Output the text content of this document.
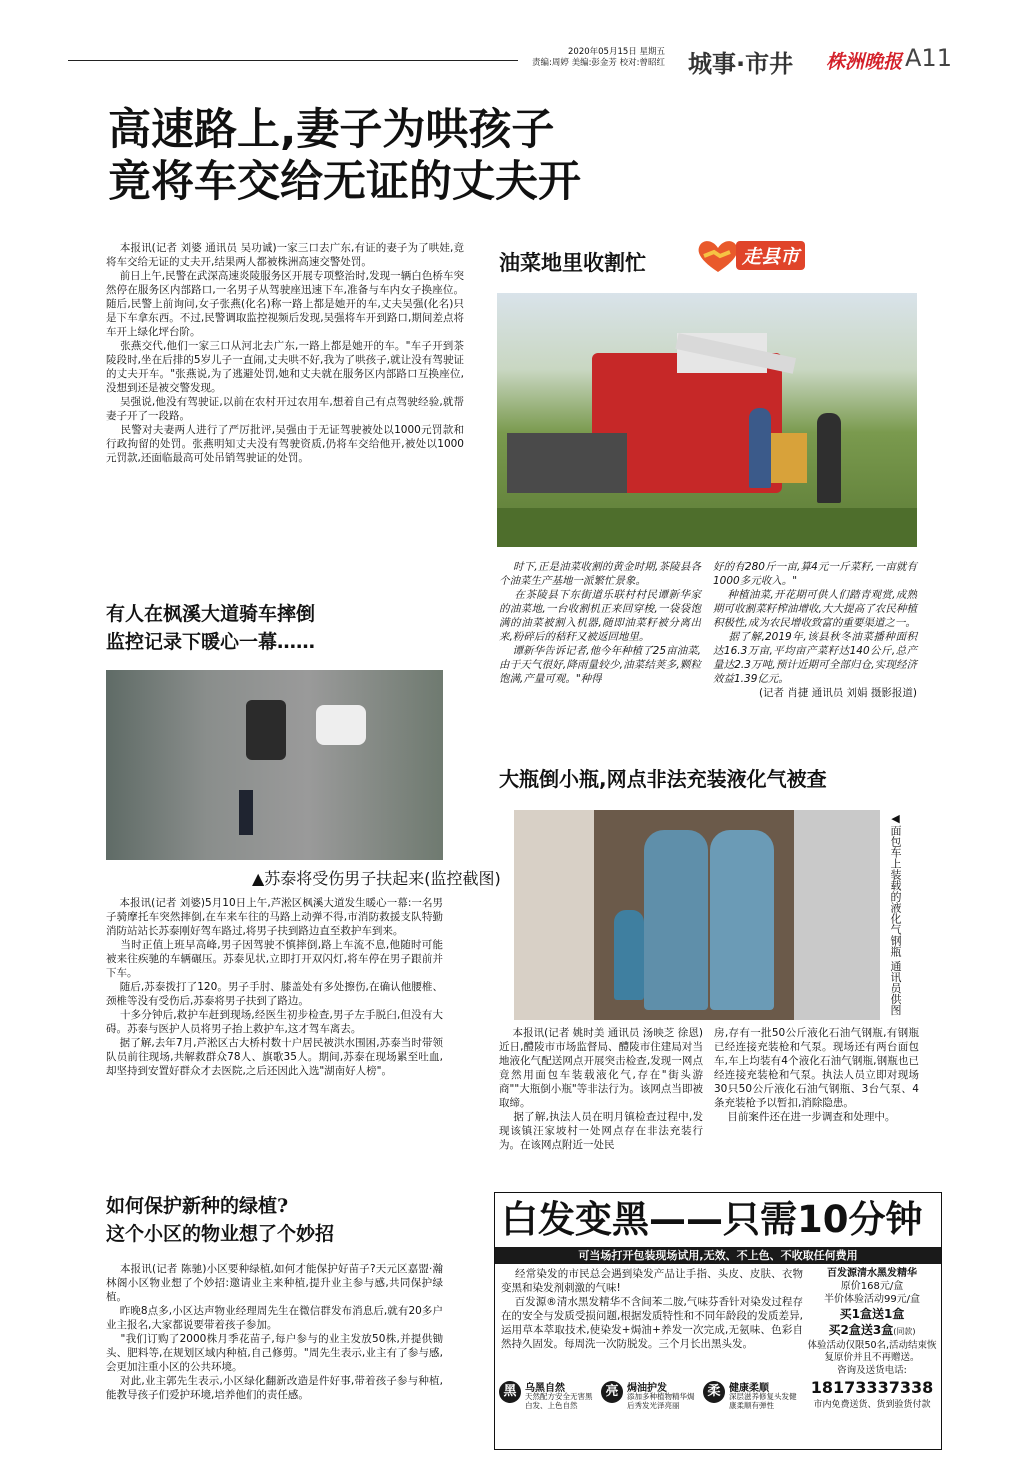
2020年05月15日 星期五
责编:周婷 美编:彭金芳 校对:曾昭红 城事·市井 株洲晚报 A11
高速路上,妻子为哄孩子
竟将车交给无证的丈夫开

本报讯(记者 刘婆 通讯员 吴功诚)一家三口去广东,有证的妻子为了哄娃,竟将车交给无证的丈夫开,结果两人都被株洲高速交警处罚。

前日上午,民警在武深高速炎陵服务区开展专项整治时,发现一辆白色桥车突然停在服务区内部路口,一名男子从驾驶座迅速下车,准备与车内女子换座位。随后,民警上前询问,女子张燕(化名)称一路上都是她开的车,丈夫吴强(化名)只是下车拿东西。不过,民警调取监控视频后发现,吴强将车开到路口,期间差点将车开上绿化坪台阶。

张燕交代,他们一家三口从河北去广东,一路上都是她开的车。"车子开到茶陵段时,坐在后排的5岁儿子一直闹,丈夫哄不好,我为了哄孩子,就让没有驾驶证的丈夫开车。"张燕说,为了逃避处罚,她和丈夫就在服务区内部路口互换座位,没想到还是被交警发现。

吴强说,他没有驾驶证,以前在农村开过农用车,想着自己有点驾驶经验,就帮妻子开了一段路。

民警对夫妻两人进行了严厉批评,吴强由于无证驾驶被处以1000元罚款和行政拘留的处罚。张燕明知丈夫没有驾驶资质,仍将车交给他开,被处以1000元罚款,还面临最高可处吊销驾驶证的处罚。

油菜地里收割忙	走县市

时下,正是油菜收割的黄金时期,茶陵县各个油菜生产基地一派繁忙景象。
在茶陵县下东街道乐联村村民谭新华家的油菜地,一台收割机正来回穿梭,一袋袋饱满的油菜被割入机器,随即油菜籽被分离出来,粉碎后的秸秆又被返回地里。
谭新华告诉记者,他今年种植了25亩油菜,由于天气很好,降雨量较少,油菜结荚多,颗粒饱满,产量可观。"种得

好的有280斤一亩,算4元一斤菜籽,一亩就有1000多元收入。"
种植油菜,开花期可供人们踏青观赏,成熟期可收割菜籽榨油增收,大大提高了农民种植积极性,成为农民增收致富的重要渠道之一。
据了解,2019年,该县秋冬油菜播种面积达16.3万亩,平均亩产菜籽达140公斤,总产量达2.3万吨,预计近期可全部归仓,实现经济效益1.39亿元。

(记者 肖捷 通讯员 刘娟 摄影报道)

有人在枫溪大道骑车摔倒
监控记录下暖心一幕……
▲苏泰将受伤男子扶起来(监控截图)

本报讯(记者 刘婆)5月10日上午,芦淞区枫溪大道发生暖心一幕:一名男子骑摩托车突然摔倒,在车来车往的马路上动弹不得,市消防救援支队特勤消防站站长苏泰刚好驾车路过,将男子扶到路边直至救护车到来。

当时正值上班早高峰,男子因驾驶不慎摔倒,路上车流不息,他随时可能被来往疾驰的车辆碾压。苏泰见状,立即打开双闪灯,将车停在男子跟前并下车。

随后,苏泰拨打了120。男子手肘、膝盖处有多处擦伤,在确认他腰椎、颈椎等没有受伤后,苏泰将男子扶到了路边。

十多分钟后,救护车赶到现场,经医生初步检查,男子左手脱臼,但没有大碍。苏泰与医护人员将男子抬上救护车,这才驾车离去。

据了解,去年7月,芦淞区古大桥村数十户居民被洪水围困,苏泰当时带领队员前往现场,共解救群众78人、旗歌35人。期间,苏泰在现场累至吐血,却坚持到安置好群众才去医院,之后还因此入选"湖南好人榜"。

大瓶倒小瓶,网点非法充装液化气被查
◀面包车上装载的液化气钢瓶 通讯员供图

本报讯(记者 姚时美 通讯员 汤映芝 徐恩)近日,醴陵市市场监督局、醴陵市住建局对当地液化气配送网点开展突击检查,发现一网点竟然用面包车装载液化气,存在"街头游商""大瓶倒小瓶"等非法行为。该网点当即被取缔。
据了解,执法人员在明月镇检查过程中,发现该镇汪家坡村一处网点存在非法充装行为。在该网点附近一处民

房,存有一批50公斤液化石油气钢瓶,有钢瓶已经连接充装枪和气泵。现场还有两台面包车,车上均装有4个液化石油气钢瓶,钢瓶也已经连接充装枪和气泵。执法人员立即对现场30只50公斤液化石油气钢瓶、3台气泵、4条充装枪予以暂扣,消除隐患。
目前案件还在进一步调查和处理中。

如何保护新种的绿植?
这个小区的物业想了个妙招

本报讯(记者 陈驰)小区要种绿植,如何才能保护好苗子?天元区嘉盟·瀚林阁小区物业想了个妙招:邀请业主来种植,提升业主参与感,共同保护绿植。

昨晚8点多,小区达声物业经理周先生在微信群发布消息后,就有20多户业主报名,大家都说要带着孩子参加。

"我们订购了2000株月季花苗子,每户参与的业主发放50株,并提供锄头、肥料等,在规划区域内种植,自己修剪。"周先生表示,业主有了参与感,会更加注重小区的公共环境。

对此,业主郭先生表示,小区绿化翻新改造是件好事,带着孩子参与种植,能教导孩子们爱护环境,培养他们的责任感。

白发变黑——只需10分钟
可当场打开包装现场试用,无效、不上色、不收取任何费用
经常染发的市民总会遇到染发产品让手指、头皮、皮肤、衣物变黑和染发剂刺激的气味!
百发源®清水黑发精华不含间苯二胺,气味芬香针对染发过程存在的安全与发质受损问题,根据发质特性和不同年龄段的发质差异,运用草本萃取技术,使染发+焗油+养发一次完成,无氨味、色彩自然持久固发。每周洗一次防脱发。三个月长出黑头发。
百发源清水黑发精华
原价168元/盒
半价体验活动99元/盒
买1盒送1盒
买2盒送3盒(同款)
体验活动仅限50名,活动结束恢复原价并且不再赠送。
咨询及送货电话:
18173337338
市内免费送货、货到验货付款
黑 乌黑自然
天然配方安全无害黑白发、上色自然
亮 焗油护发
添加多种植物精华焗后秀发光泽亮丽
柔 健康柔顺
深层滋养修复头发健康柔顺有弹性
